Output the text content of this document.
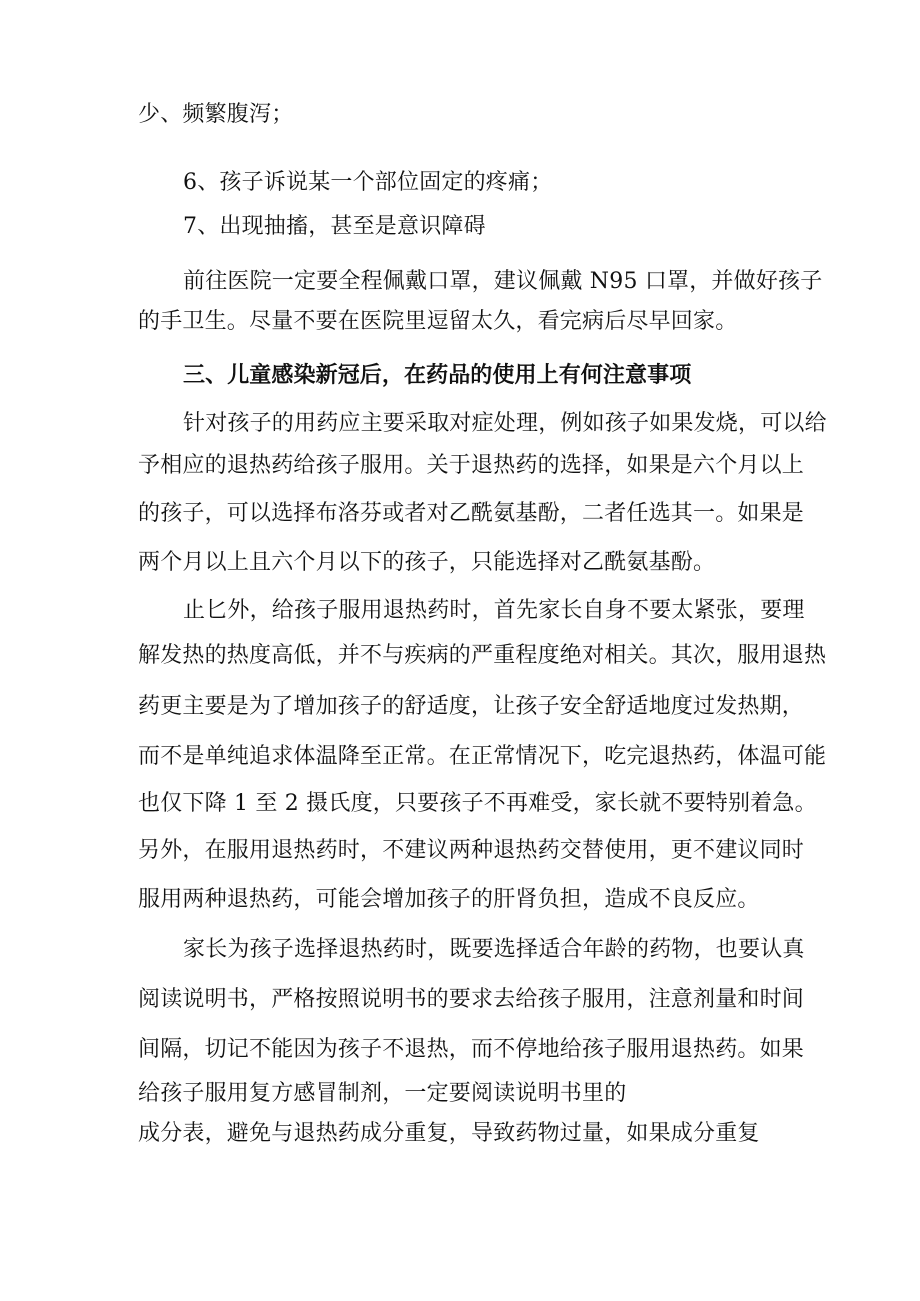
少、频繁腹泻；
6、孩子诉说某一个部位固定的疼痛；
7、出现抽搐，甚至是意识障碍
前往医院一定要全程佩戴口罩，建议佩戴 N95 口罩，并做好孩子
的手卫生。尽量不要在医院里逗留太久，看完病后尽早回家。
三、儿童感染新冠后，在药品的使用上有何注意事项
针对孩子的用药应主要采取对症处理，例如孩子如果发烧，可以给
予相应的退热药给孩子服用。关于退热药的选择，如果是六个月以上
的孩子，可以选择布洛芬或者对乙酰氨基酚，二者任选其一。如果是
两个月以上且六个月以下的孩子，只能选择对乙酰氨基酚。
止匕外，给孩子服用退热药时，首先家长自身不要太紧张，要理
解发热的热度高低，并不与疾病的严重程度绝对相关。其次，服用退热
药更主要是为了增加孩子的舒适度，让孩子安全舒适地度过发热期，
而不是单纯追求体温降至正常。在正常情况下，吃完退热药，体温可能
也仅下降 1 至 2 摄氏度，只要孩子不再难受，家长就不要特别着急。
另外，在服用退热药时，不建议两种退热药交替使用，更不建议同时
服用两种退热药，可能会增加孩子的肝肾负担，造成不良反应。
家长为孩子选择退热药时，既要选择适合年龄的药物，也要认真
阅读说明书，严格按照说明书的要求去给孩子服用，注意剂量和时间
间隔，切记不能因为孩子不退热，而不停地给孩子服用退热药。如果
给孩子服用复方感冒制剂，一定要阅读说明书里的
成分表，避免与退热药成分重复，导致药物过量，如果成分重复
